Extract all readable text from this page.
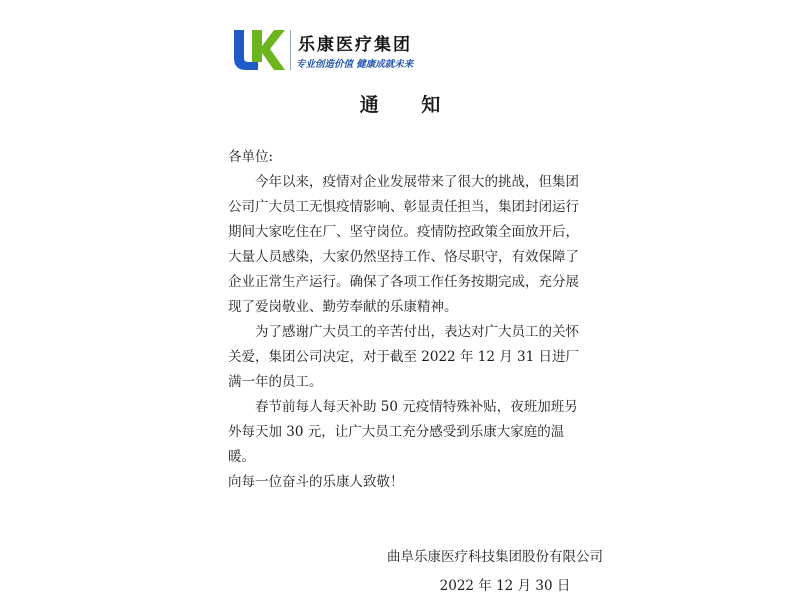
乐康医疗集团
专业创造价值 健康成就未来
通 知

各单位:

今年以来，疫情对企业发展带来了很大的挑战，但集团公司广大员工无惧疫情影响、彰显责任担当，集团封闭运行期间大家吃住在厂、坚守岗位。疫情防控政策全面放开后，大量人员感染，大家仍然坚持工作、恪尽职守，有效保障了企业正常生产运行。确保了各项工作任务按期完成，充分展现了爱岗敬业、勤劳奉献的乐康精神。

为了感谢广大员工的辛苦付出，表达对广大员工的关怀关爱，集团公司决定，对于截至 2022 年 12 月 31 日进厂满一年的员工。

春节前每人每天补助 50 元疫情特殊补贴，夜班加班另外每天加 30 元，让广大员工充分感受到乐康大家庭的温暖。

向每一位奋斗的乐康人致敬！

曲阜乐康医疗科技集团股份有限公司
2022 年 12 月 30 日
